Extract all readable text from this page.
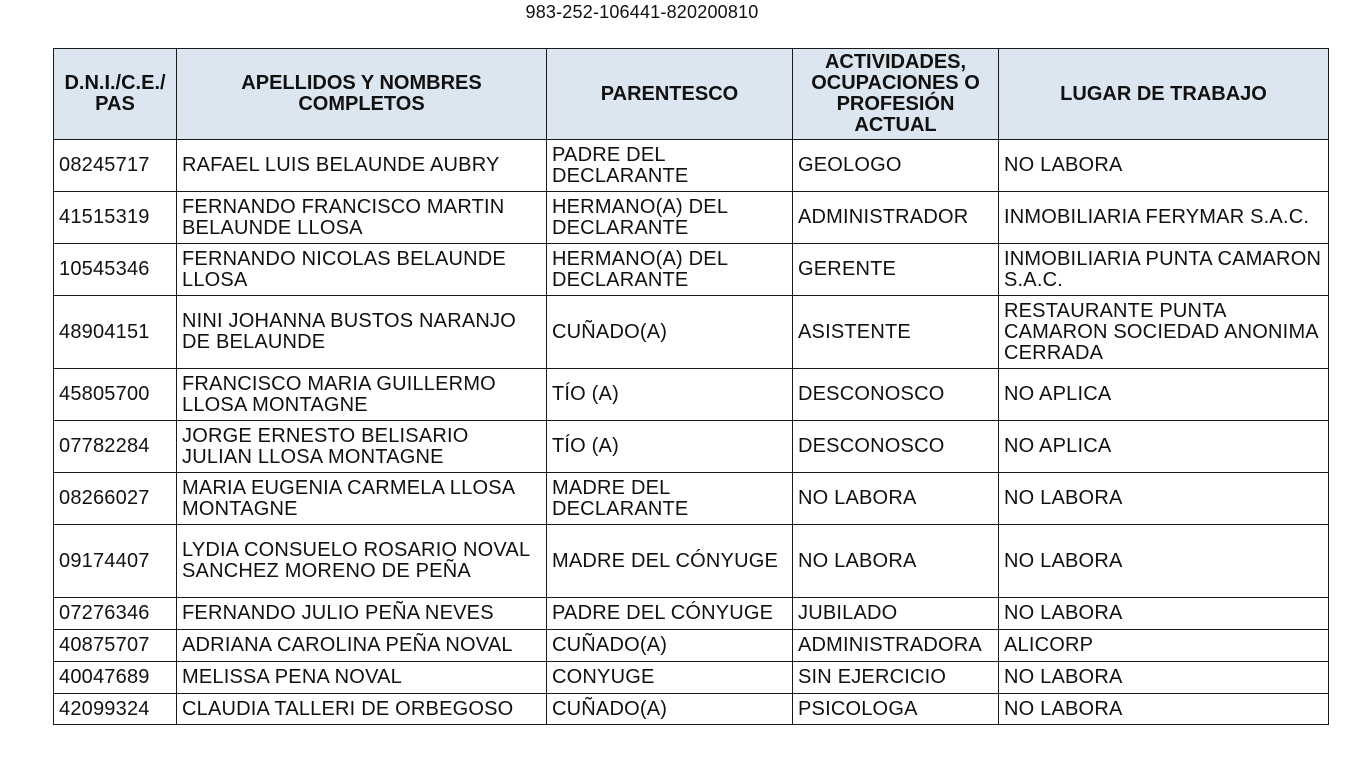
983-252-106441-820200810
D.N.I./C.E./ PAS	APELLIDOS Y NOMBRES COMPLETOS	PARENTESCO	ACTIVIDADES, OCUPACIONES O PROFESIÓN ACTUAL	LUGAR DE TRABAJO
08245717	RAFAEL LUIS BELAUNDE AUBRY	PADRE DEL DECLARANTE	GEOLOGO	NO LABORA
41515319	FERNANDO FRANCISCO MARTIN BELAUNDE LLOSA	HERMANO(A) DEL DECLARANTE	ADMINISTRADOR	INMOBILIARIA FERYMAR S.A.C.
10545346	FERNANDO NICOLAS BELAUNDE LLOSA	HERMANO(A) DEL DECLARANTE	GERENTE	INMOBILIARIA PUNTA CAMARON S.A.C.
48904151	NINI JOHANNA BUSTOS NARANJO DE BELAUNDE	CUÑADO(A)	ASISTENTE	RESTAURANTE PUNTA CAMARON SOCIEDAD ANONIMA CERRADA
45805700	FRANCISCO MARIA GUILLERMO LLOSA MONTAGNE	TÍO (A)	DESCONOSCO	NO APLICA
07782284	JORGE ERNESTO BELISARIO JULIAN LLOSA MONTAGNE	TÍO (A)	DESCONOSCO	NO APLICA
08266027	MARIA EUGENIA CARMELA LLOSA MONTAGNE	MADRE DEL DECLARANTE	NO LABORA	NO LABORA
09174407	LYDIA CONSUELO ROSARIO NOVAL SANCHEZ MORENO DE PEÑA	MADRE DEL CÓNYUGE	NO LABORA	NO LABORA
07276346	FERNANDO JULIO PEÑA NEVES	PADRE DEL CÓNYUGE	JUBILADO	NO LABORA
40875707	ADRIANA CAROLINA PEÑA NOVAL	CUÑADO(A)	ADMINISTRADORA	ALICORP
40047689	MELISSA PENA NOVAL	CONYUGE	SIN EJERCICIO	NO LABORA
42099324	CLAUDIA TALLERI DE ORBEGOSO	CUÑADO(A)	PSICOLOGA	NO LABORA
